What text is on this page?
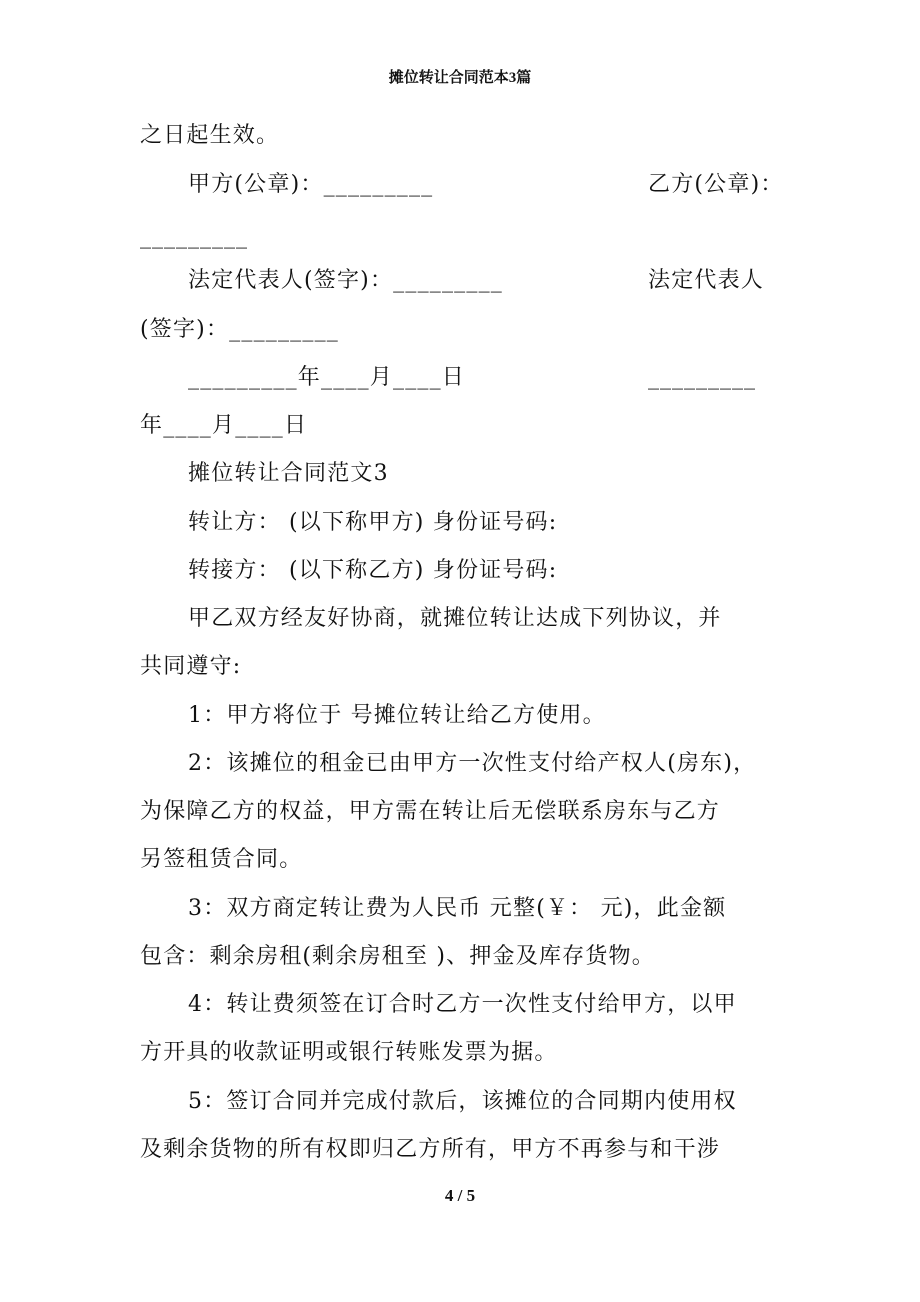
摊位转让合同范本3篇
之日起生效。
甲方(公章)：_________	乙方(公章)：
_________
法定代表人(签字)：_________	法定代表人
(签字)：_________
_________年____月____日	_________
年____月____日
摊位转让合同范文3
转让方： (以下称甲方) 身份证号码:
转接方： (以下称乙方) 身份证号码:
甲乙双方经友好协商，就摊位转让达成下列协议，并
共同遵守:
1：甲方将位于 号摊位转让给乙方使用。
2：该摊位的租金已由甲方一次性支付给产权人(房东)，
为保障乙方的权益，甲方需在转让后无偿联系房东与乙方
另签租赁合同。
3：双方商定转让费为人民币 元整(￥： 元)，此金额
包含：剩余房租(剩余房租至 )、押金及库存货物。
4：转让费须签在订合时乙方一次性支付给甲方，以甲
方开具的收款证明或银行转账发票为据。
5：签订合同并完成付款后，该摊位的合同期内使用权
及剩余货物的所有权即归乙方所有，甲方不再参与和干涉
4 / 5
